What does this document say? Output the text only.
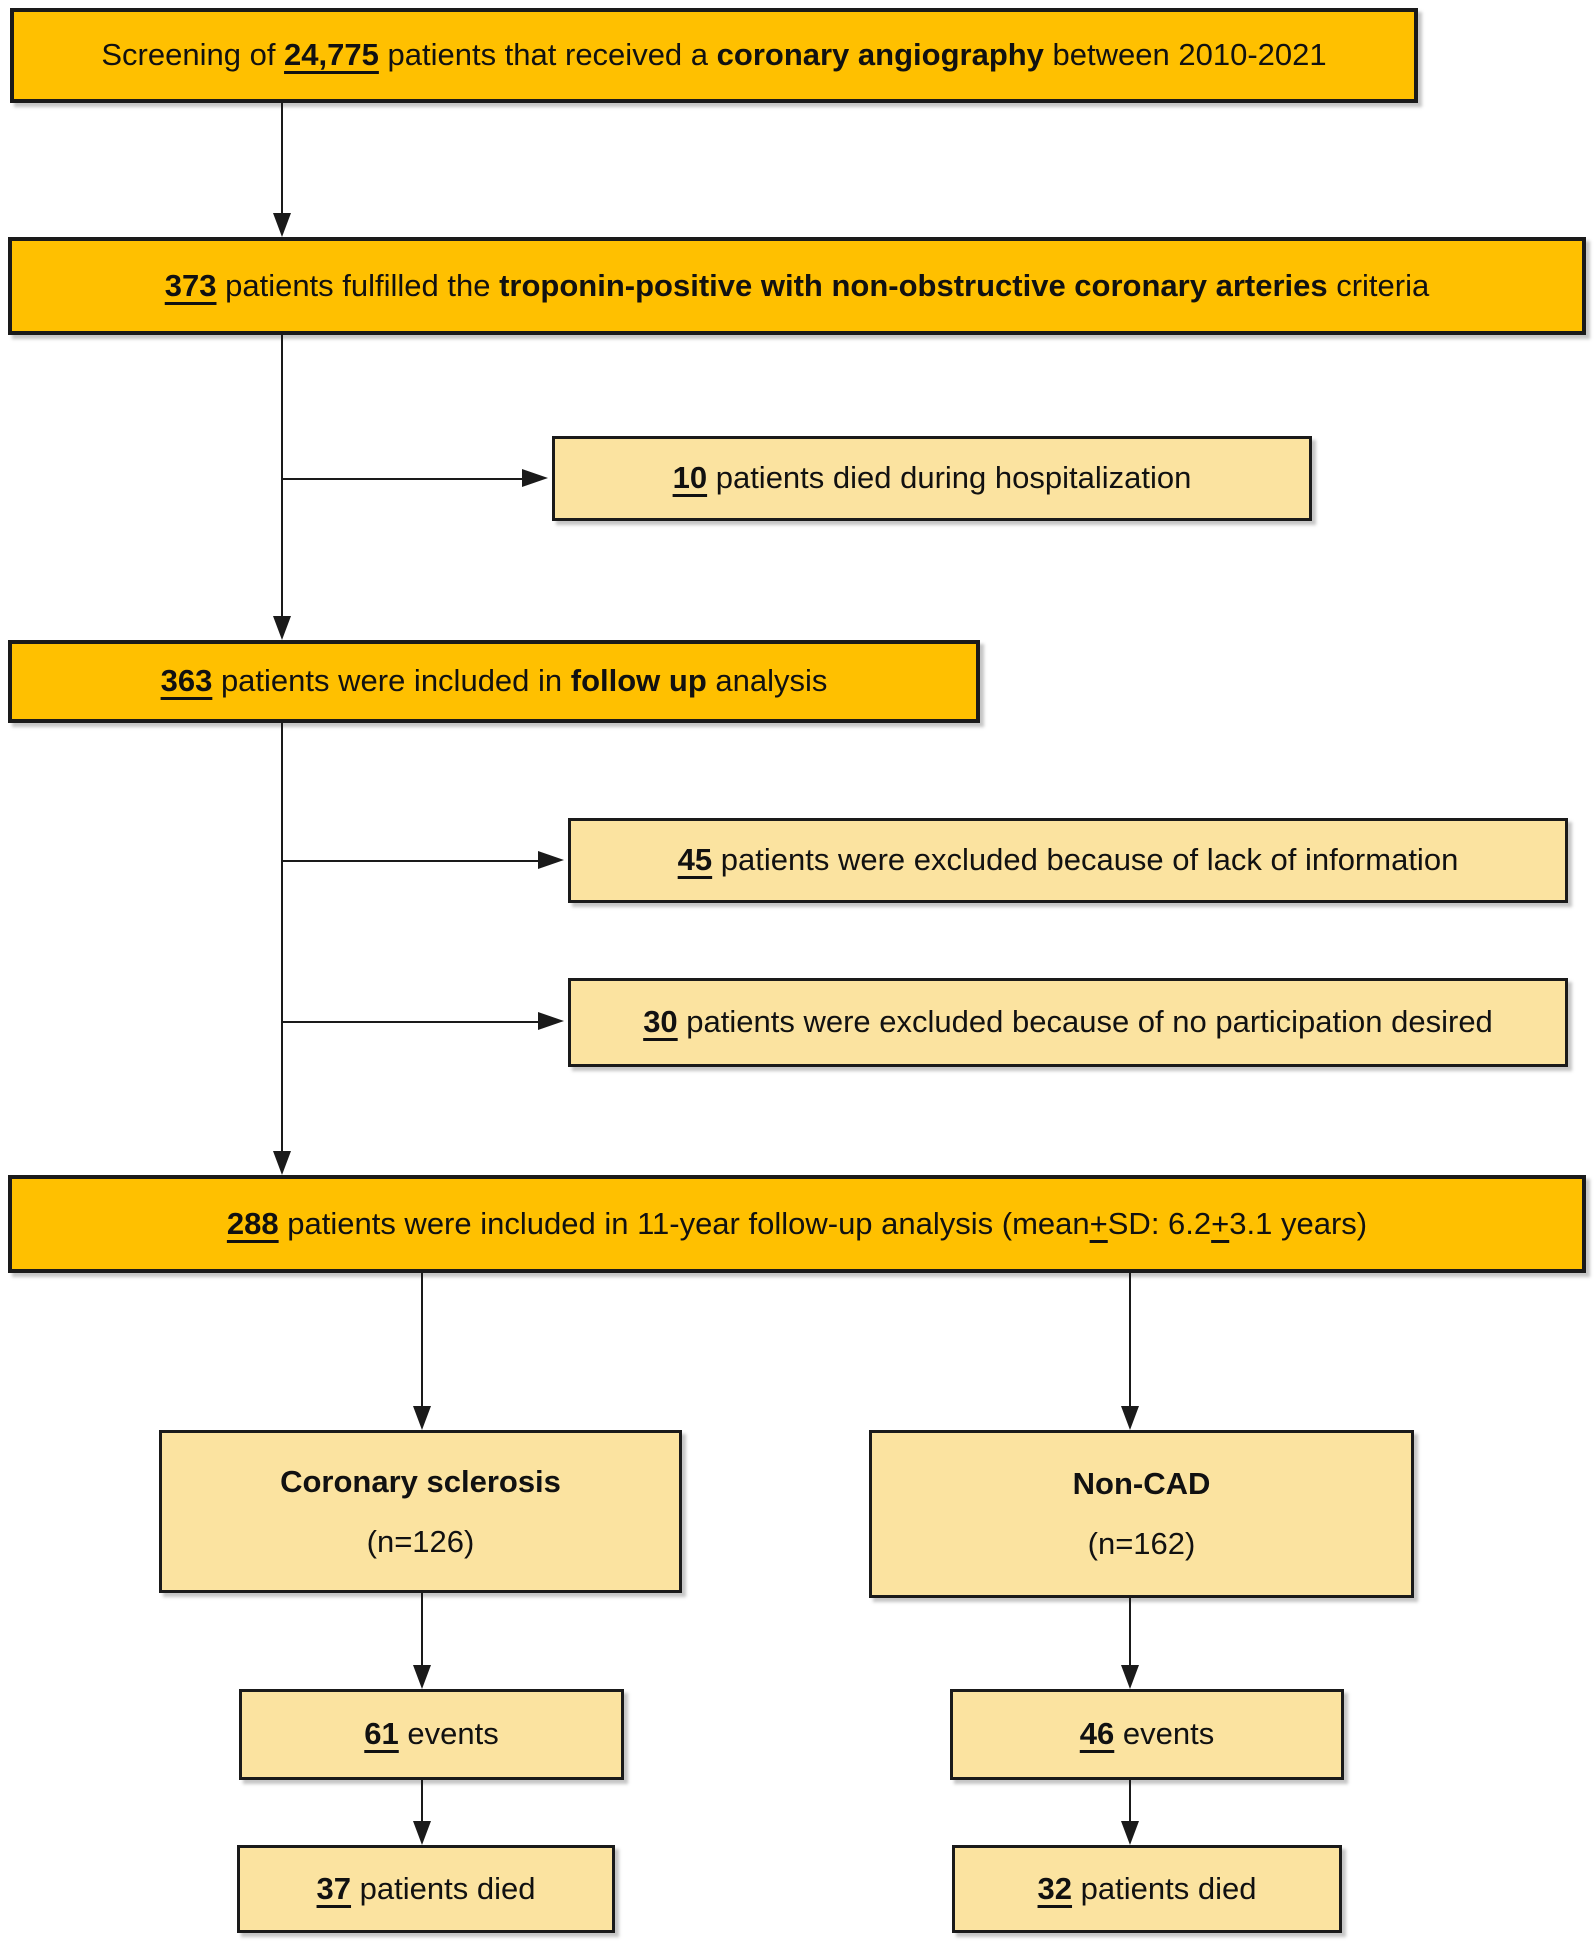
Screening of 24,775 patients that received a coronary angiography between 2010-2021
373 patients fulfilled the troponin-positive with non-obstructive coronary arteries criteria
10 patients died during hospitalization
363 patients were included in follow up analysis
45 patients were excluded because of lack of information
30 patients were excluded because of no participation desired
288 patients were included in 11-year follow-up analysis (mean+SD: 6.2+3.1 years)
Coronary sclerosis
(n=126)
Non-CAD
(n=162)
61 events	46 events
37 patients died	32 patients died
